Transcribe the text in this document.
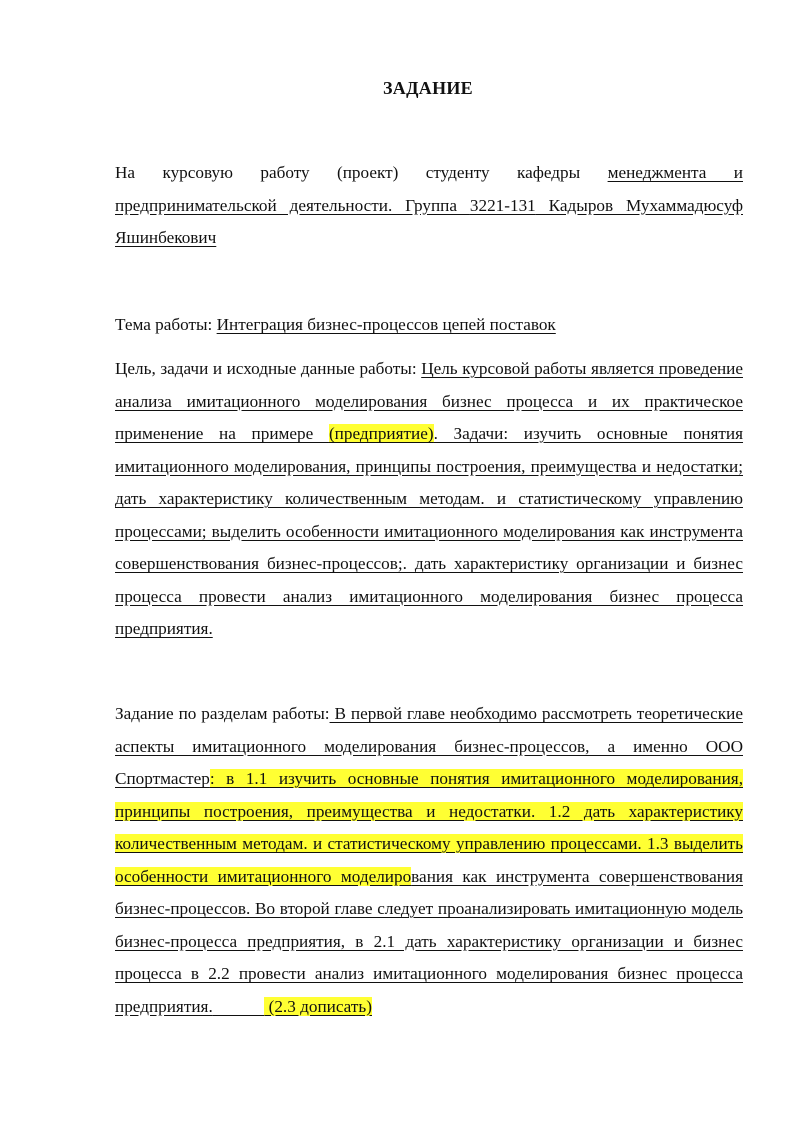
ЗАДАНИЕ

На курсовую работу (проект) студенту кафедры менеджмента и предпринимательской деятельности. Группа 3221-131 Кадыров Мухаммадюсуф Яшинбекович

Тема работы: Интеграция бизнес-процессов цепей поставок

Цель, задачи и исходные данные работы: Цель курсовой работы является проведение анализа имитационного моделирования бизнес процесса и их практическое применение на примере (предприятие). Задачи: изучить основные понятия имитационного моделирования, принципы построения, преимущества и недостатки; дать характеристику количественным методам. и статистическому управлению процессами; выделить особенности имитационного моделирования как инструмента совершенствования бизнес-процессов;. дать характеристику организации и бизнес процесса провести анализ имитационного моделирования бизнес процесса предприятия.

Задание по разделам работы: В первой главе необходимо рассмотреть теоретические аспекты имитационного моделирования бизнес-процессов, а именно ООО Спортмастер: в 1.1 изучить основные понятия имитационного моделирования, принципы построения, преимущества и недостатки. 1.2 дать характеристику количественным методам. и статистическому управлению процессами. 1.3 выделить особенности имитационного моделирования как инструмента совершенствования бизнес-процессов. Во второй главе следует проанализировать имитационную модель бизнес-процесса предприятия, в 2.1 дать характеристику организации и бизнес процесса в 2.2 провести анализ имитационного моделирования бизнес процесса предприятия.	(2.3 дописать)
